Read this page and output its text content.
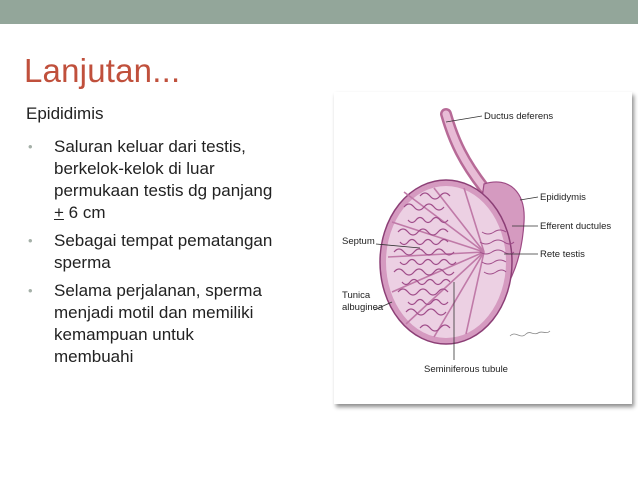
Lanjutan...
Epididimis
• Saluran keluar dari testis,
berkelok-kelok di luar
permukaan testis dg panjang
+ 6 cm
• Sebagai tempat pematangan
sperma
• Selama perjalanan, sperma
menjadi motil dan memiliki
kemampuan untuk
membuahi
Ductus deferens
Epididymis
Efferent ductules
Rete testis
Septum
Tunica
albuginea
Seminiferous tubule
